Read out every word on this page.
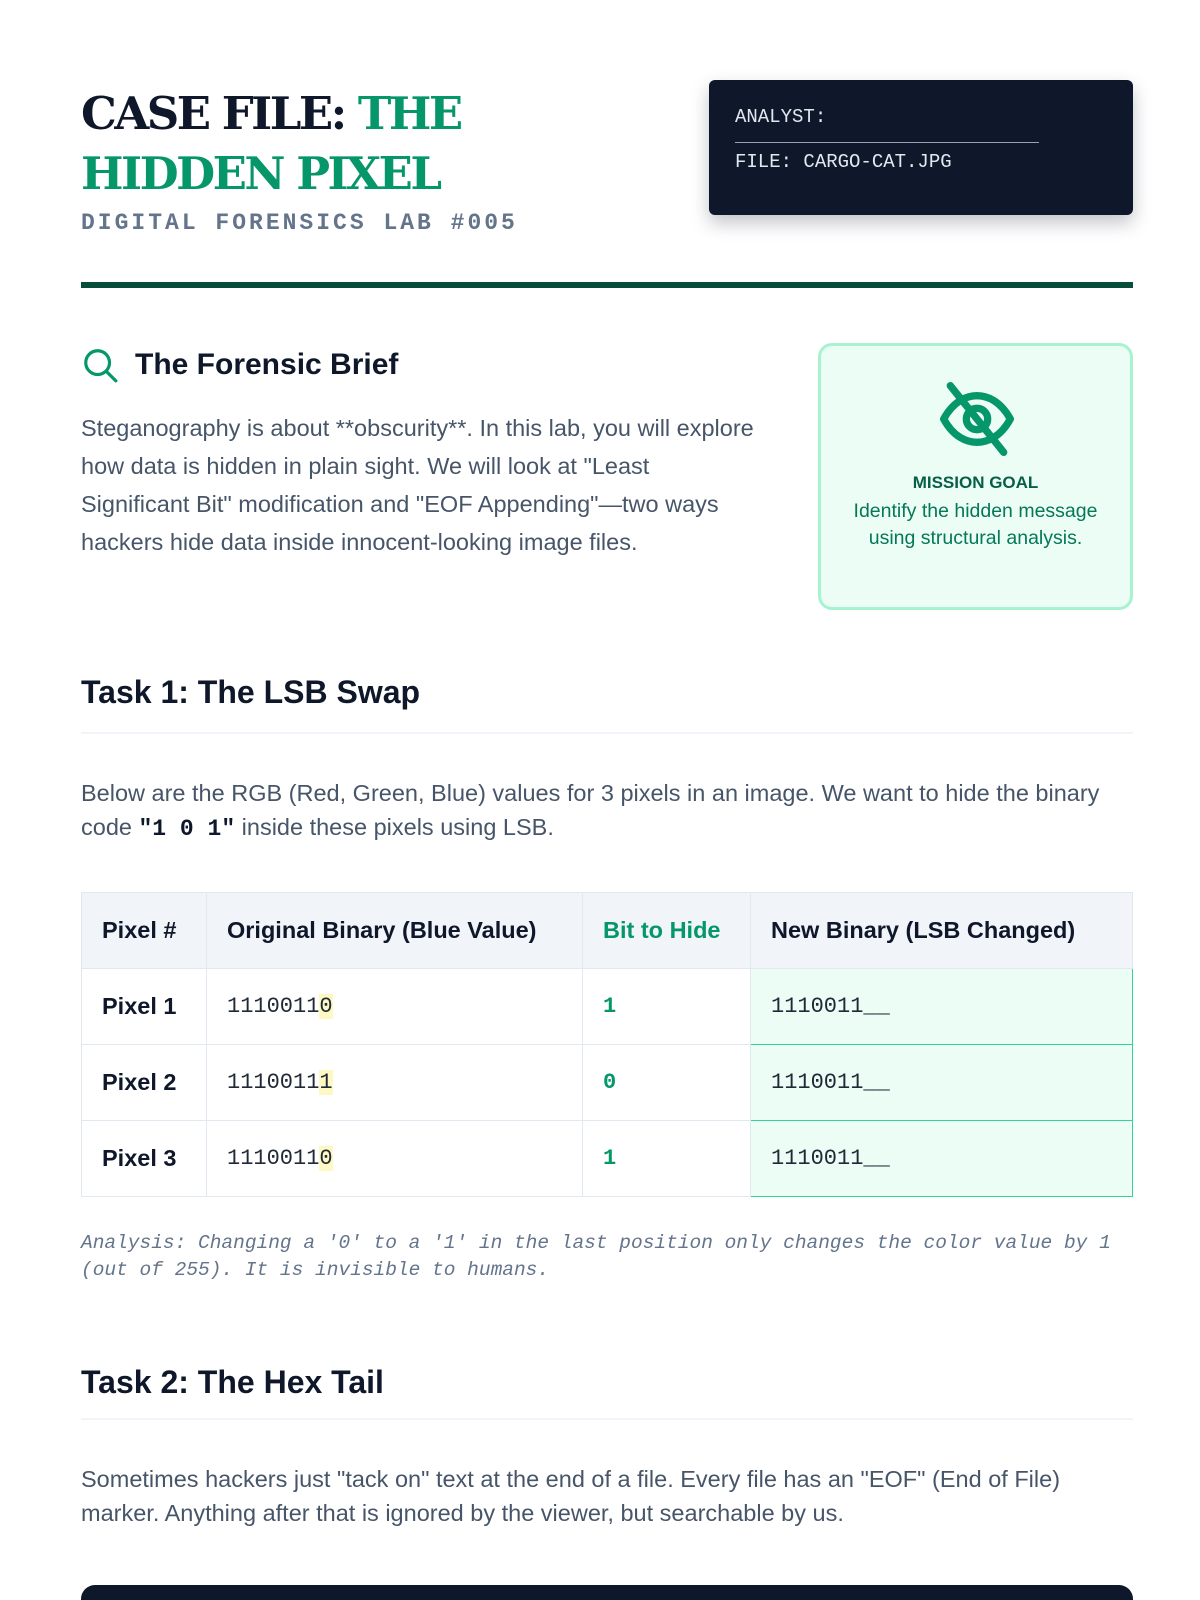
CASE FILE: THE HIDDEN PIXEL
DIGITAL FORENSICS LAB #005
ANALYST:
FILE: CARGO-CAT.JPG
The Forensic Brief

Steganography is about **obscurity**. In this lab, you will explore how data is hidden in plain sight. We will look at "Least Significant Bit" modification and "EOF Appending"—two ways hackers hide data inside innocent-looking image files.

MISSION GOAL
Identify the hidden message using structural analysis.
Task 1: The LSB Swap
Below are the RGB (Red, Green, Blue) values for 3 pixels in an image. We want to hide the binary code "1 0 1" inside these pixels using LSB.
Pixel #	Original Binary (Blue Value)	Bit to Hide	New Binary (LSB Changed)
Pixel 1	11100110	1	1110011__
Pixel 2	11100111	0	1110011__
Pixel 3	11100110	1	1110011__

Analysis: Changing a '0' to a '1' in the last position only changes the color value by 1 (out of 255). It is invisible to humans.

Task 2: The Hex Tail
Sometimes hackers just "tack on" text at the end of a file. Every file has an "EOF" (End of File) marker. Anything after that is ignored by the viewer, but searchable by us.
